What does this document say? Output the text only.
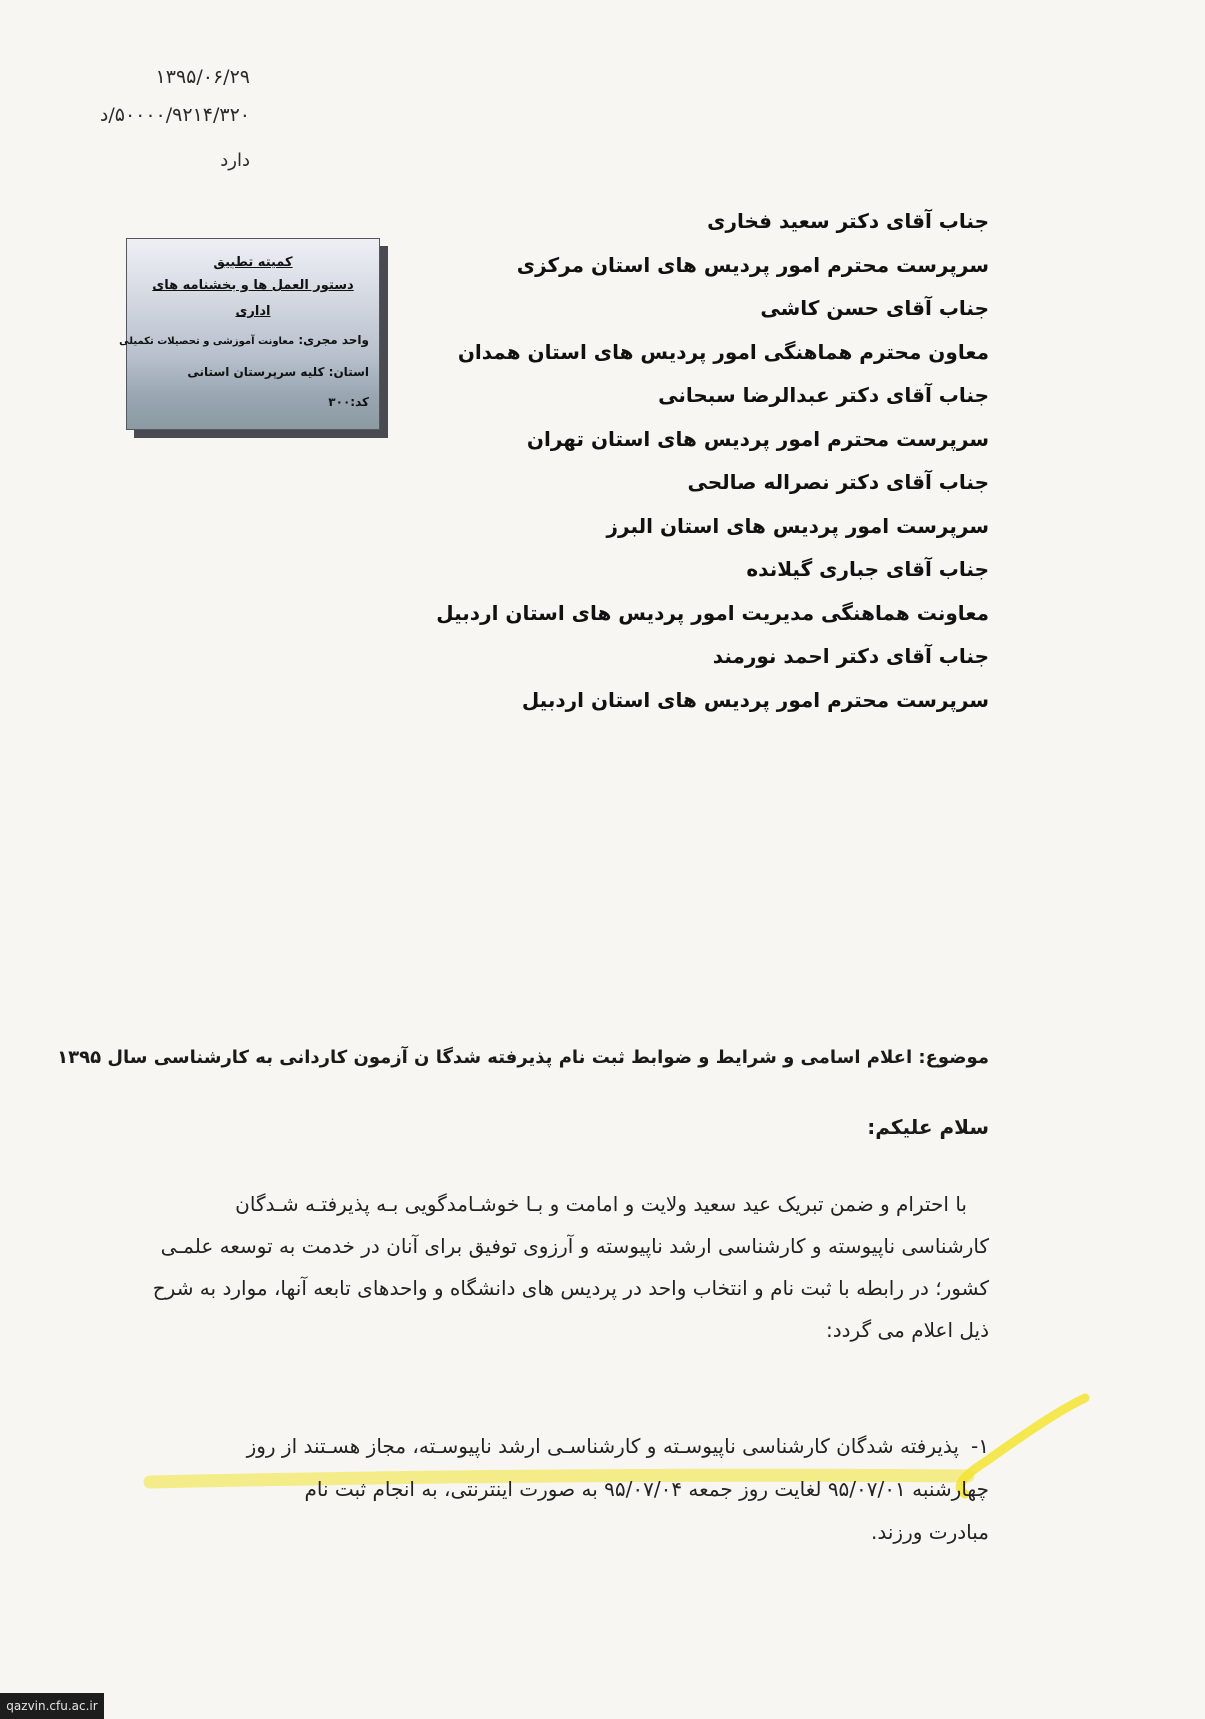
۱۳۹۵/۰۶/۲۹
۵۰۰۰۰/۹۲۱۴/۳۲۰/د
دارد
کمیته تطبیق
دستور العمل ها و بخشنامه های اداری
واحد مجری: معاونت آموزشی و تحصیلات تکمیلی
استان: کلیه سرپرستان استانی
کد:۳۰۰
جناب آقای دکتر سعید فخاری
سرپرست محترم امور پردیس های استان مرکزی
جناب آقای حسن کاشی
معاون محترم هماهنگی امور پردیس های استان همدان
جناب آقای دکتر عبدالرضا سبحانی
سرپرست محترم امور پردیس های استان تهران
جناب آقای دکتر نصراله صالحی
سرپرست امور پردیس های استان البرز
جناب آقای جباری گیلانده
معاونت هماهنگی مدیریت امور پردیس های استان اردبیل
جناب آقای دکتر احمد نورمند
سرپرست محترم امور پردیس های استان اردبیل
موضوع: اعلام اسامی و شرایط و ضوابط ثبت نام پذیرفته شدگا ن آزمون کاردانی به کارشناسی سال ۱۳۹۵
سلام علیکم:
با احترام و ضمن تبریک عید سعید ولایت و امامت و بـا خوشـامدگویی بـه پذیرفتـه شـدگان
کارشناسی ناپیوسته و کارشناسی ارشد ناپیوسته و آرزوی توفیق برای آنان در خدمت به توسعه علمـی
کشور؛ در رابطه با ثبت نام و انتخاب واحد در پردیس های دانشگاه و واحدهای تابعه آنها، موارد به شرح
ذیل اعلام می گردد:
۱-پذیرفته شدگان کارشناسی ناپیوسـته و کارشناسـی ارشد ناپیوسـته، مجاز هسـتند از روز
چهارشنبه ۹۵/۰۷/۰۱ لغایت روز جمعه ۹۵/۰۷/۰۴ به صورت اینترنتی، به انجام ثبت نام
مبادرت ورزند.
qazvin.cfu.ac.ir
